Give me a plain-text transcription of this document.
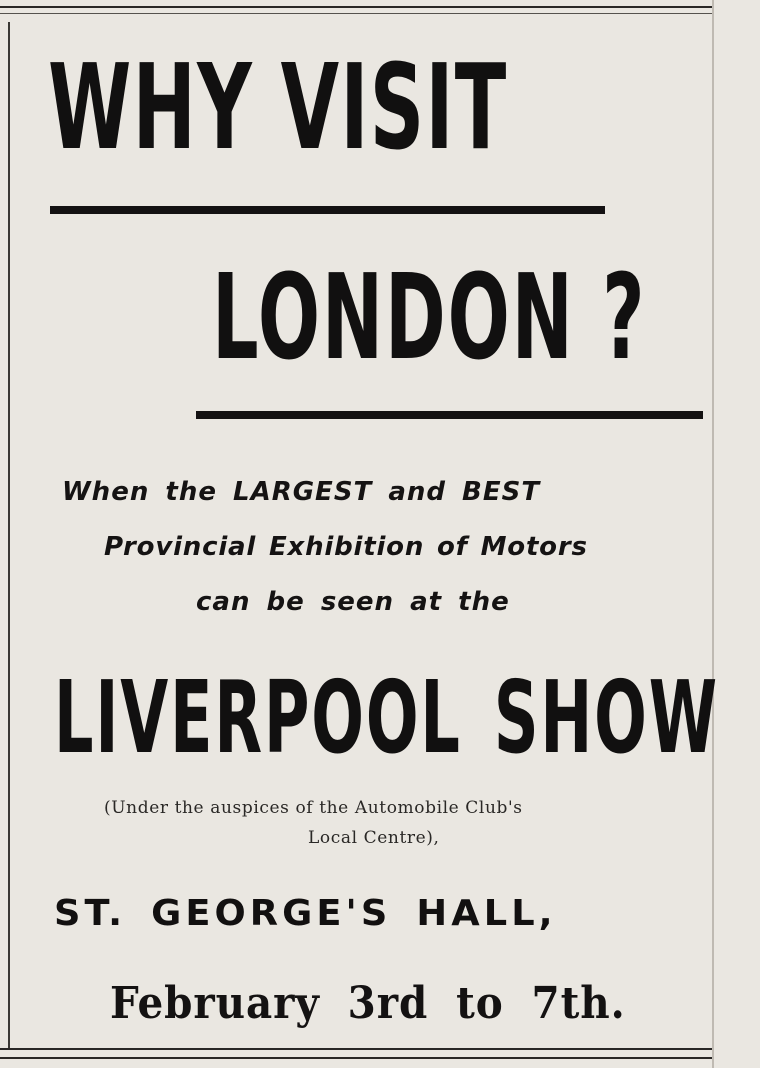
WHY VISIT
LONDON ?

When the LARGEST and BEST

Provincial Exhibition of Motors

can be seen at the

LIVERPOOL SHOW

(Under the auspices of the Automobile Club's

Local Centre),

ST. GEORGE'S HALL,

February 3rd to 7th.
